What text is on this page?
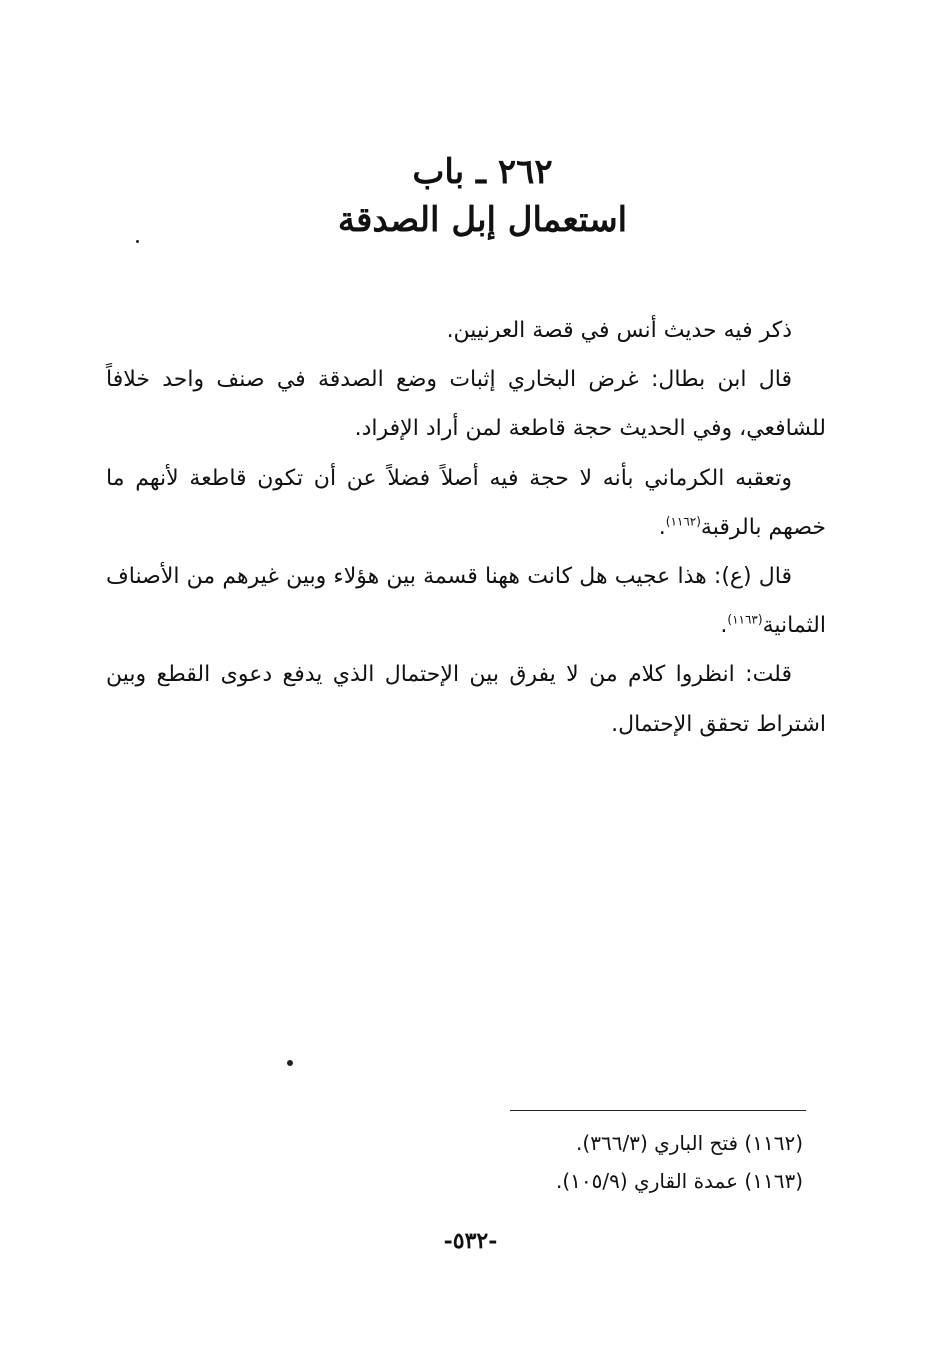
٢٦٢ ـ باب
استعمال إبل الصدقة

ذكر فيه حديث أنس في قصة العرنيين.

قال ابن بطال: غرض البخاري إثبات وضع الصدقة في صنف واحد خلافاً للشافعي، وفي الحديث حجة قاطعة لمن أراد الإفراد.

وتعقبه الكرماني بأنه لا حجة فيه أصلاً فضلاً عن أن تكون قاطعة لأنهم ما خصهم بالرقبة$^{(١١٦٢)}$.

قال (ع): هذا عجيب هل كانت ههنا قسمة بين هؤلاء وبين غيرهم من الأصناف الثمانية$^{(١١٦٣)}$.

قلت: انظروا كلام من لا يفرق بين الإحتمال الذي يدفع دعوى القطع وبين اشتراط تحقق الإحتمال.

(١١٦٢) فتح الباري (٣٦٦/٣).
(١١٦٣) عمدة القاري (١٠٥/٩).
-٥٣٢-
